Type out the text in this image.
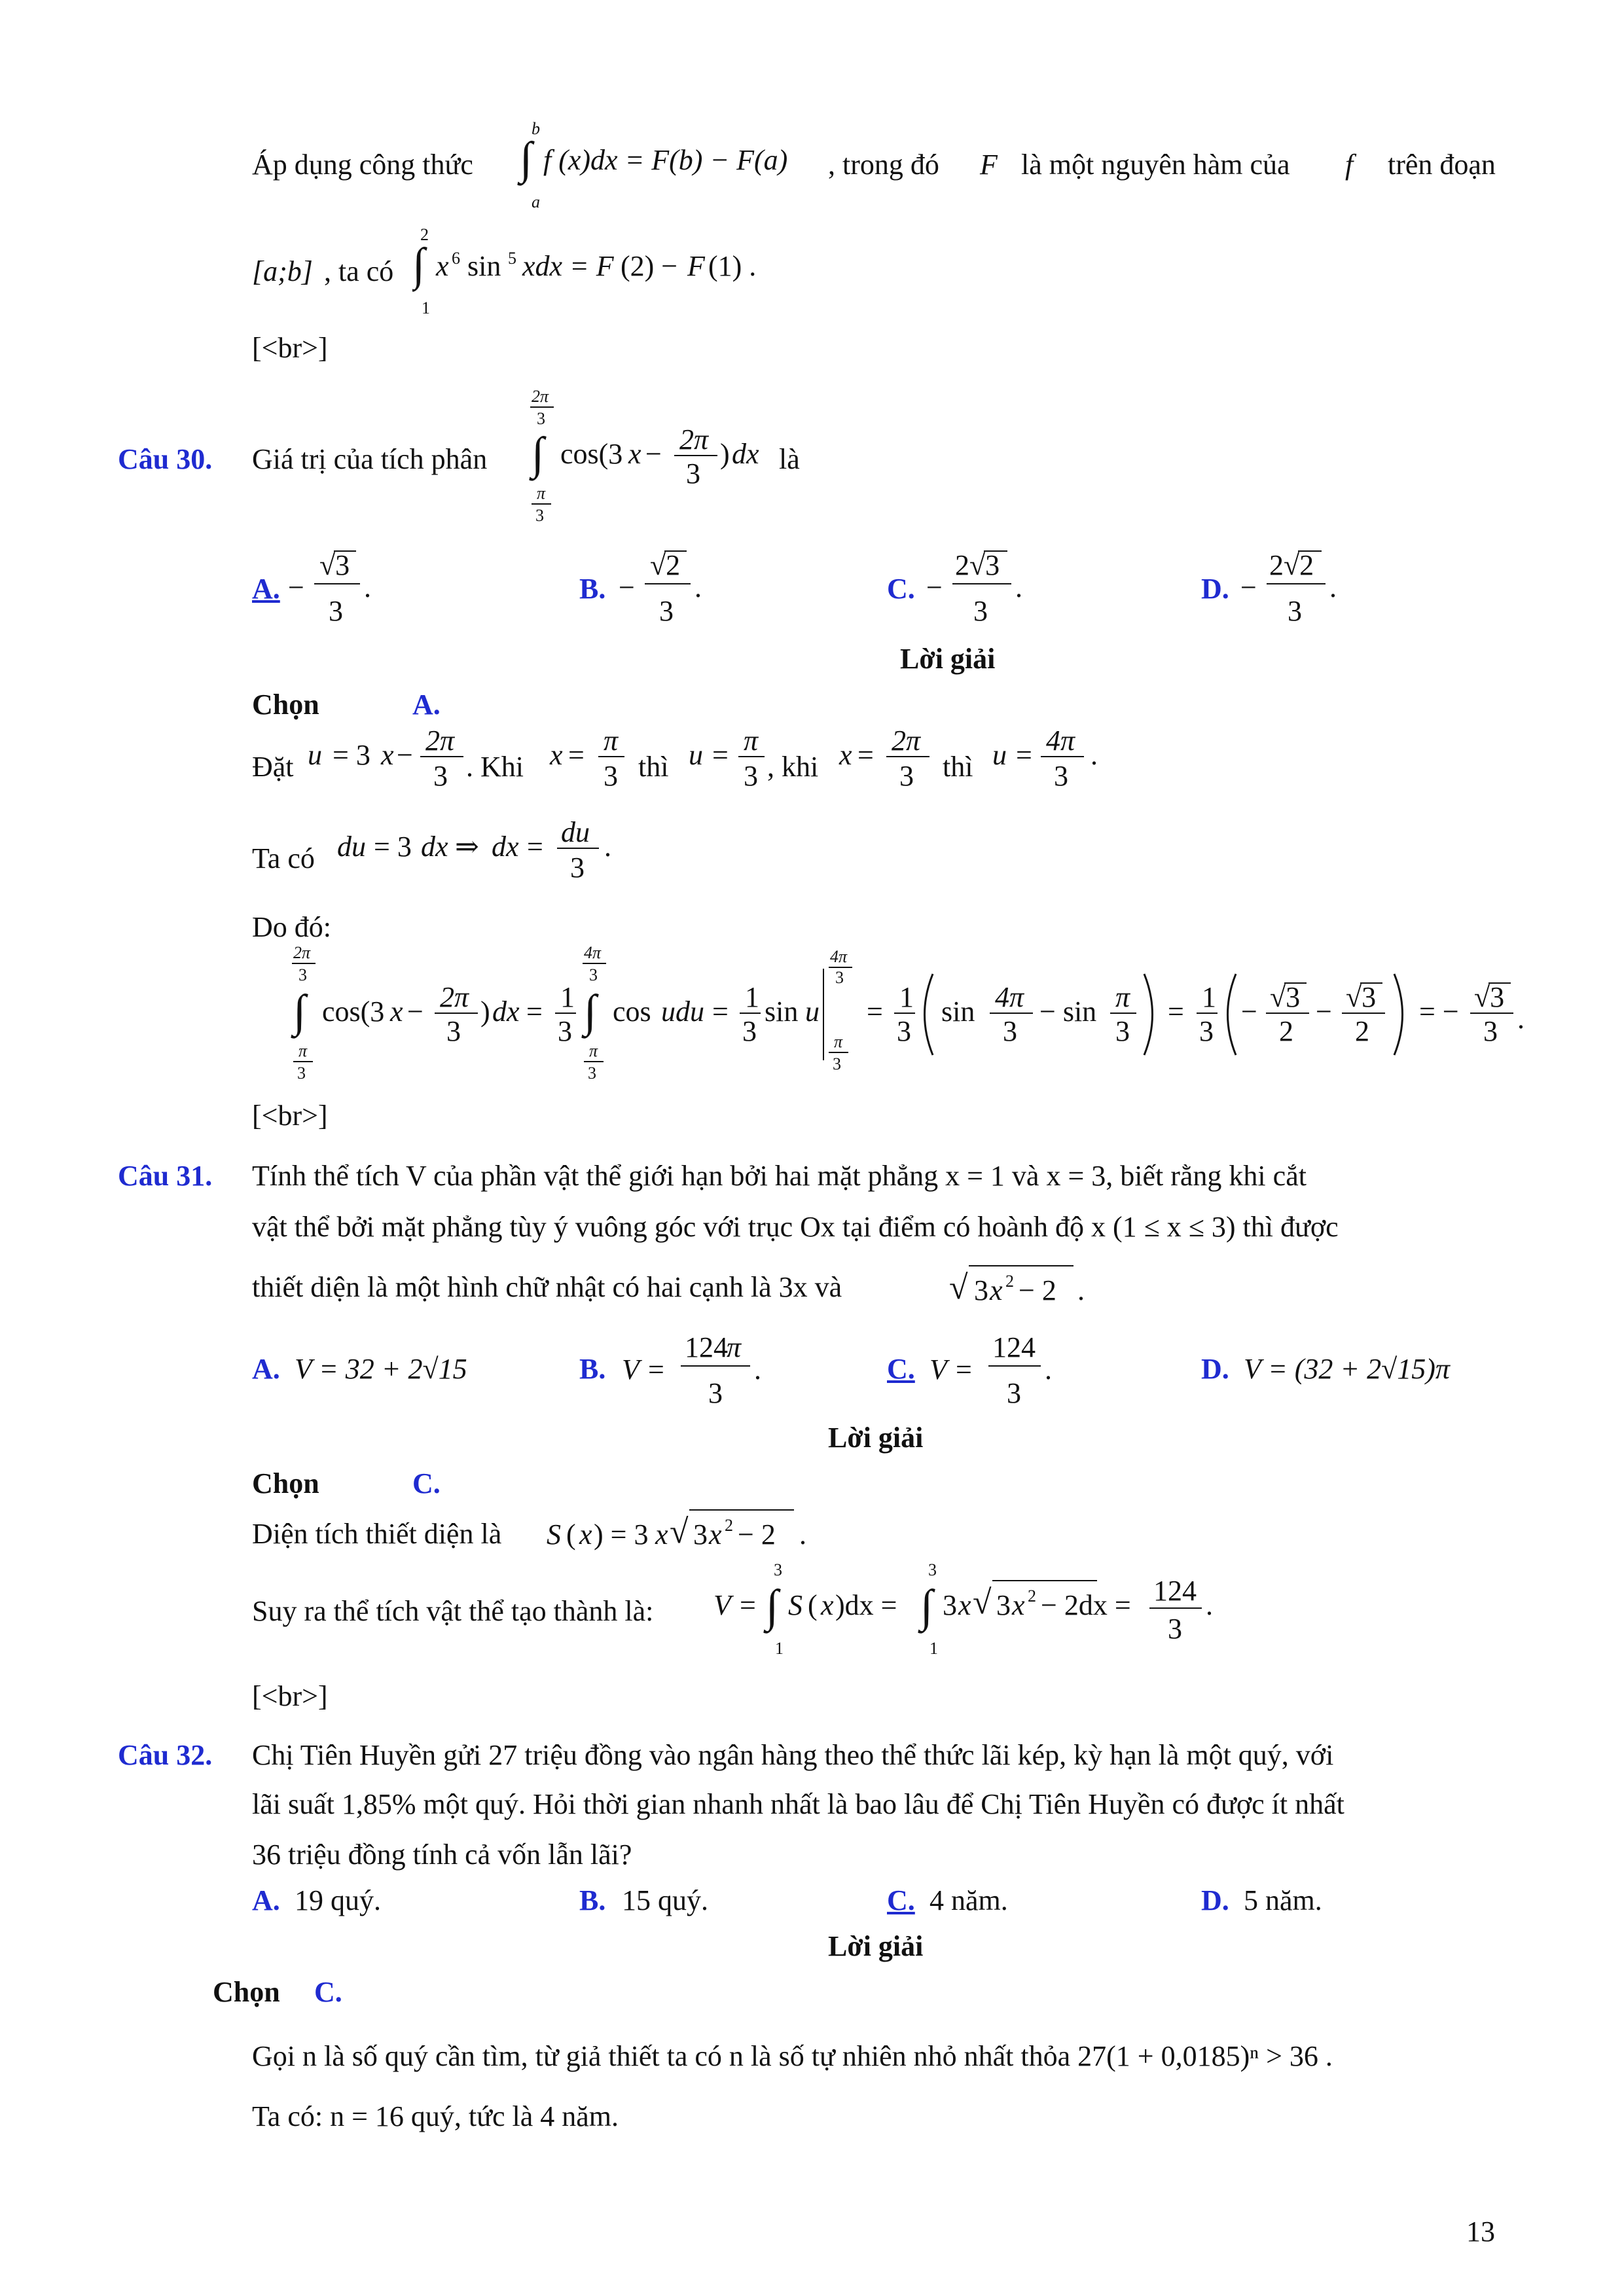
Áp dụng công thức
b
∫
a
f (x)dx = F(b) − F(a) , trong đó F là một nguyên hàm của f trên đoạn
[a;b] , ta có
2
∫
1
x 6 sin 5 xdx = F (2) − F (1) .
[<br>]
Câu 30. Giá trị của tích phân
2π
3
∫
π
3
cos(3 x − 2π
3
) dx là
A. −
√3
3
.	B. −
√2
3
.	C. −
2√3
3
.	D. −
2√2
3
.
Lời giải
Chọn	A.
Đặt u = 3 x − 2π
3
x = π
3
u = π
3
x = 2π
3
u = 4π
3
.
. Khi	thì	, khi	thì
Ta có du = 3 dx ⇒ dx = du
3
.
Do đó:
2π
3
∫
π
3
cos(3 x − 2π
3
) dx = 1
3
4π
3
∫
π
3
cos udu = 1
3
sin u
4π
3
π
3
= 1
3
sin 4π
3
− sin π
3
= 1
3
− √3
2
− √3
2
= − √3
3 .
[<br>]
Câu 31. Tính thể tích V của phần vật thể giới hạn bởi hai mặt phẳng x = 1 và x = 3, biết rằng khi cắt
vật thể bởi mặt phẳng tùy ý vuông góc với trục Ox tại điểm có hoành độ x (1 ≤ x ≤ 3) thì được
thiết diện là một hình chữ nhật có hai cạnh là 3x và	√ 3 x 2 − 2 .
A. V = 32 + 2√15	B. V =
124
π
3
.	C. V =
124
3
.	D. V = (32 + 2√15)π
Lời giải
Chọn	C.
Diện tích thiết diện là S ( x ) = 3 x √ 3 x 2 − 2 .
Suy ra thể tích vật thể tạo thành là: V =
3
∫
1
S ( x )dx =
3
∫
1
3 x √ 3 x 2 − 2dx = 124
3
.
[<br>]
Câu 32. Chị Tiên Huyền gửi 27 triệu đồng vào ngân hàng theo thể thức lãi kép, kỳ hạn là một quý, với
lãi suất 1,85% một quý. Hỏi thời gian nhanh nhất là bao lâu để Chị Tiên Huyền có được ít nhất
36 triệu đồng tính cả vốn lẫn lãi?
A. 19 quý.	B. 15 quý.	C. 4 năm.	D. 5 năm.
Lời giải
Chọn C.
Gọi n là số quý cần tìm, từ giả thiết ta có n là số tự nhiên nhỏ nhất thỏa 27(1 + 0,0185)ⁿ > 36 .
Ta có: n = 16 quý, tức là 4 năm.
13
